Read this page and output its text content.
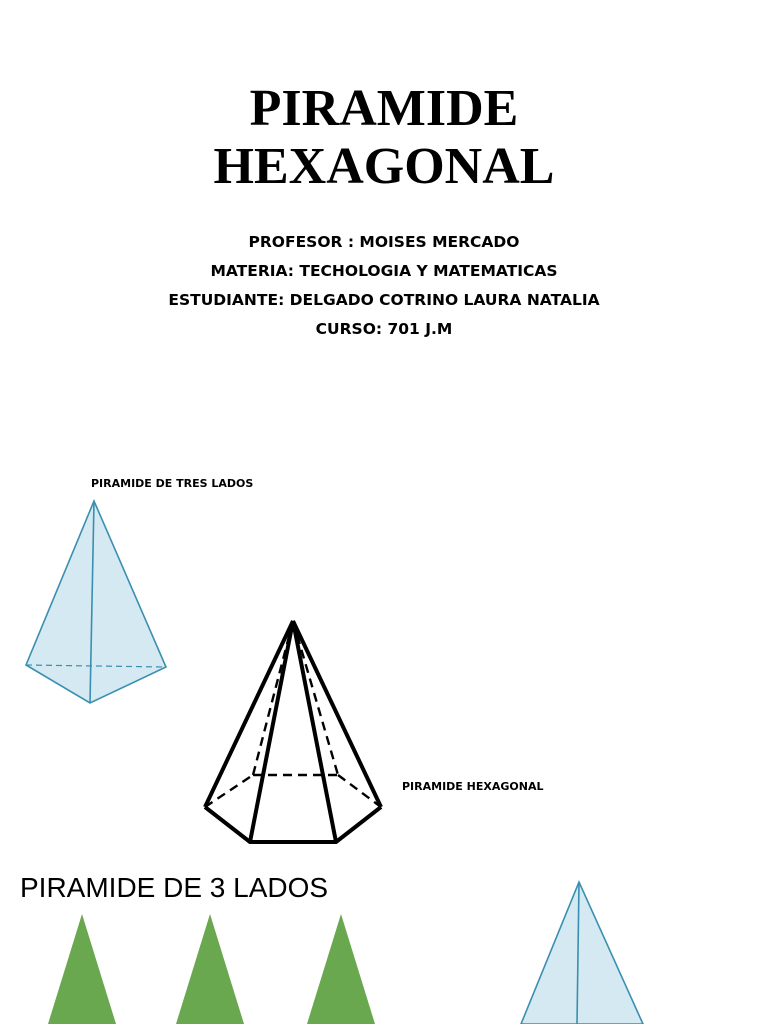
PIRAMIDE
HEXAGONAL
PROFESOR : MOISES MERCADO
MATERIA: TECHOLOGIA Y MATEMATICAS
ESTUDIANTE: DELGADO COTRINO LAURA NATALIA
CURSO: 701 J.M
PIRAMIDE DE TRES LADOS
PIRAMIDE HEXAGONAL
PIRAMIDE DE 3 LADOS
